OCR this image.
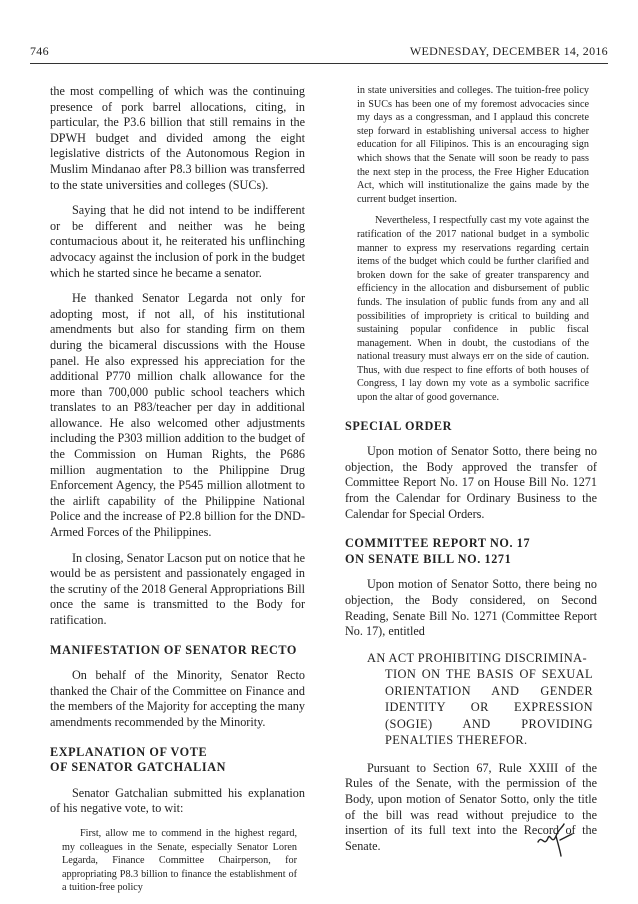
746	WEDNESDAY, DECEMBER 14, 2016

the most compelling of which was the continuing presence of pork barrel allocations, citing, in particular, the P3.6 billion that still remains in the DPWH budget and divided among the eight legislative districts of the Autonomous Region in Muslim Mindanao after P8.3 billion was transferred to the state universities and colleges (SUCs).

Saying that he did not intend to be indifferent or be different and neither was he being contumacious about it, he reiterated his unflinching advocacy against the inclusion of pork in the budget which he started since he became a senator.

He thanked Senator Legarda not only for adopting most, if not all, of his institutional amendments but also for standing firm on them during the bicameral discussions with the House panel. He also expressed his appreciation for the additional P770 million chalk allowance for the more than 700,000 public school teachers which translates to an P83/teacher per day in additional allowance. He also welcomed other adjustments including the P303 million addition to the budget of the Commission on Human Rights, the P686 million augmentation to the Philippine Drug Enforcement Agency, the P545 million allotment to the airlift capability of the Philippine National Police and the increase of P2.8 billion for the DND-Armed Forces of the Philippines.

In closing, Senator Lacson put on notice that he would be as persistent and passionately engaged in the scrutiny of the 2018 General Appropriations Bill once the same is transmitted to the Body for ratification.

MANIFESTATION OF SENATOR RECTO

On behalf of the Minority, Senator Recto thanked the Chair of the Committee on Finance and the members of the Majority for accepting the many amendments recommended by the Minority.

EXPLANATION OF VOTE
OF SENATOR GATCHALIAN

Senator Gatchalian submitted his explanation of his negative vote, to wit:

First, allow me to commend in the highest regard, my colleagues in the Senate, especially Senator Loren Legarda, Finance Committee Chairperson, for appropriating P8.3 billion to finance the establishment of a tuition-free policy

in state universities and colleges. The tuition-free policy in SUCs has been one of my foremost advocacies since my days as a congressman, and I applaud this concrete step forward in establishing universal access to higher education for all Filipinos. This is an encouraging sign which shows that the Senate will soon be ready to pass the next step in the process, the Free Higher Education Act, which will institutionalize the gains made by the current budget insertion.

Nevertheless, I respectfully cast my vote against the ratification of the 2017 national budget in a symbolic manner to express my reservations regarding certain items of the budget which could be further clarified and broken down for the sake of greater transparency and efficiency in the allocation and disbursement of public funds. The insulation of public funds from any and all possibilities of impropriety is critical to building and sustaining popular confidence in public fiscal management. When in doubt, the custodians of the national treasury must always err on the side of caution. Thus, with due respect to fine efforts of both houses of Congress, I lay down my vote as a symbolic sacrifice upon the altar of good governance.

SPECIAL ORDER

Upon motion of Senator Sotto, there being no objection, the Body approved the transfer of Committee Report No. 17 on House Bill No. 1271 from the Calendar for Ordinary Business to the Calendar for Special Orders.

COMMITTEE REPORT NO. 17
ON SENATE BILL NO. 1271

Upon motion of Senator Sotto, there being no objection, the Body considered, on Second Reading, Senate Bill No. 1271 (Committee Report No. 17), entitled

AN ACT PROHIBITING DISCRIMINA-
TION ON THE BASIS OF SEXUAL ORIENTATION AND GENDER IDENTITY OR EXPRESSION (SOGIE) AND PROVIDING PENALTIES THEREFOR.

Pursuant to Section 67, Rule XXIII of the Rules of the Senate, with the permission of the Body, upon motion of Senator Sotto, only the title of the bill was read without prejudice to the insertion of its full text into the Record of the Senate.
